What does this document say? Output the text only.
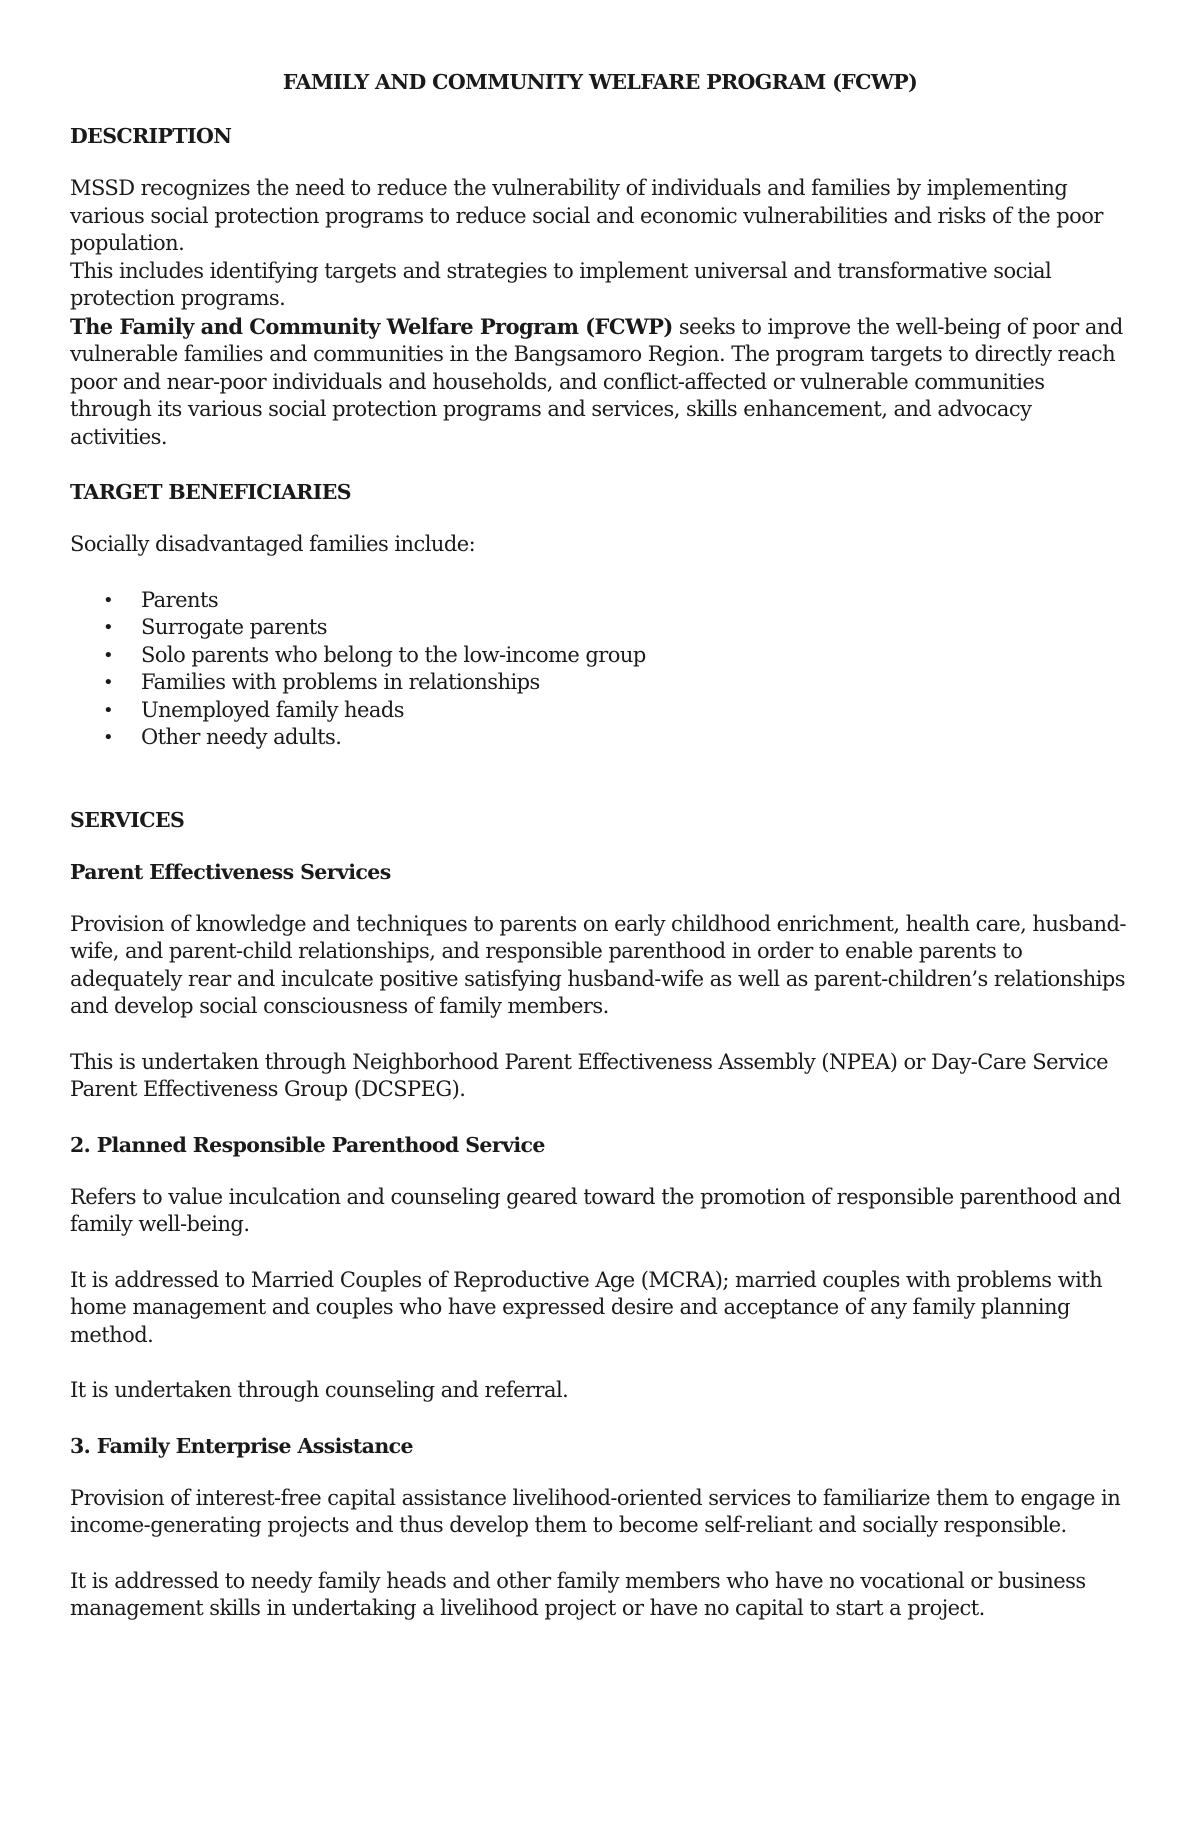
FAMILY AND COMMUNITY WELFARE PROGRAM (FCWP)
DESCRIPTION

MSSD recognizes the need to reduce the vulnerability of individuals and families by implementing various social protection programs to reduce social and economic vulnerabilities and risks of the poor population.

This includes identifying targets and strategies to implement universal and transformative social protection programs.

The Family and Community Welfare Program (FCWP) seeks to improve the well-being of poor and vulnerable families and communities in the Bangsamoro Region. The program targets to directly reach poor and near-poor individuals and households, and conflict-affected or vulnerable communities through its various social protection programs and services, skills enhancement, and advocacy activities.

TARGET BENEFICIARIES

Socially disadvantaged families include:

• Parents
• Surrogate parents
• Solo parents who belong to the low-income group
• Families with problems in relationships
• Unemployed family heads
• Other needy adults.
SERVICES
Parent Effectiveness Services

Provision of knowledge and techniques to parents on early childhood enrichment, health care, husband-wife, and parent-child relationships, and responsible parenthood in order to enable parents to adequately rear and inculcate positive satisfying husband-wife as well as parent-children’s relationships and develop social consciousness of family members.

This is undertaken through Neighborhood Parent Effectiveness Assembly (NPEA) or Day-Care Service Parent Effectiveness Group (DCSPEG).

2. Planned Responsible Parenthood Service

Refers to value inculcation and counseling geared toward the promotion of responsible parenthood and family well-being.

It is addressed to Married Couples of Reproductive Age (MCRA); married couples with problems with home management and couples who have expressed desire and acceptance of any family planning method.

It is undertaken through counseling and referral.

3. Family Enterprise Assistance

Provision of interest-free capital assistance livelihood-oriented services to familiarize them to engage in income-generating projects and thus develop them to become self-reliant and socially responsible.

It is addressed to needy family heads and other family members who have no vocational or business management skills in undertaking a livelihood project or have no capital to start a project.
